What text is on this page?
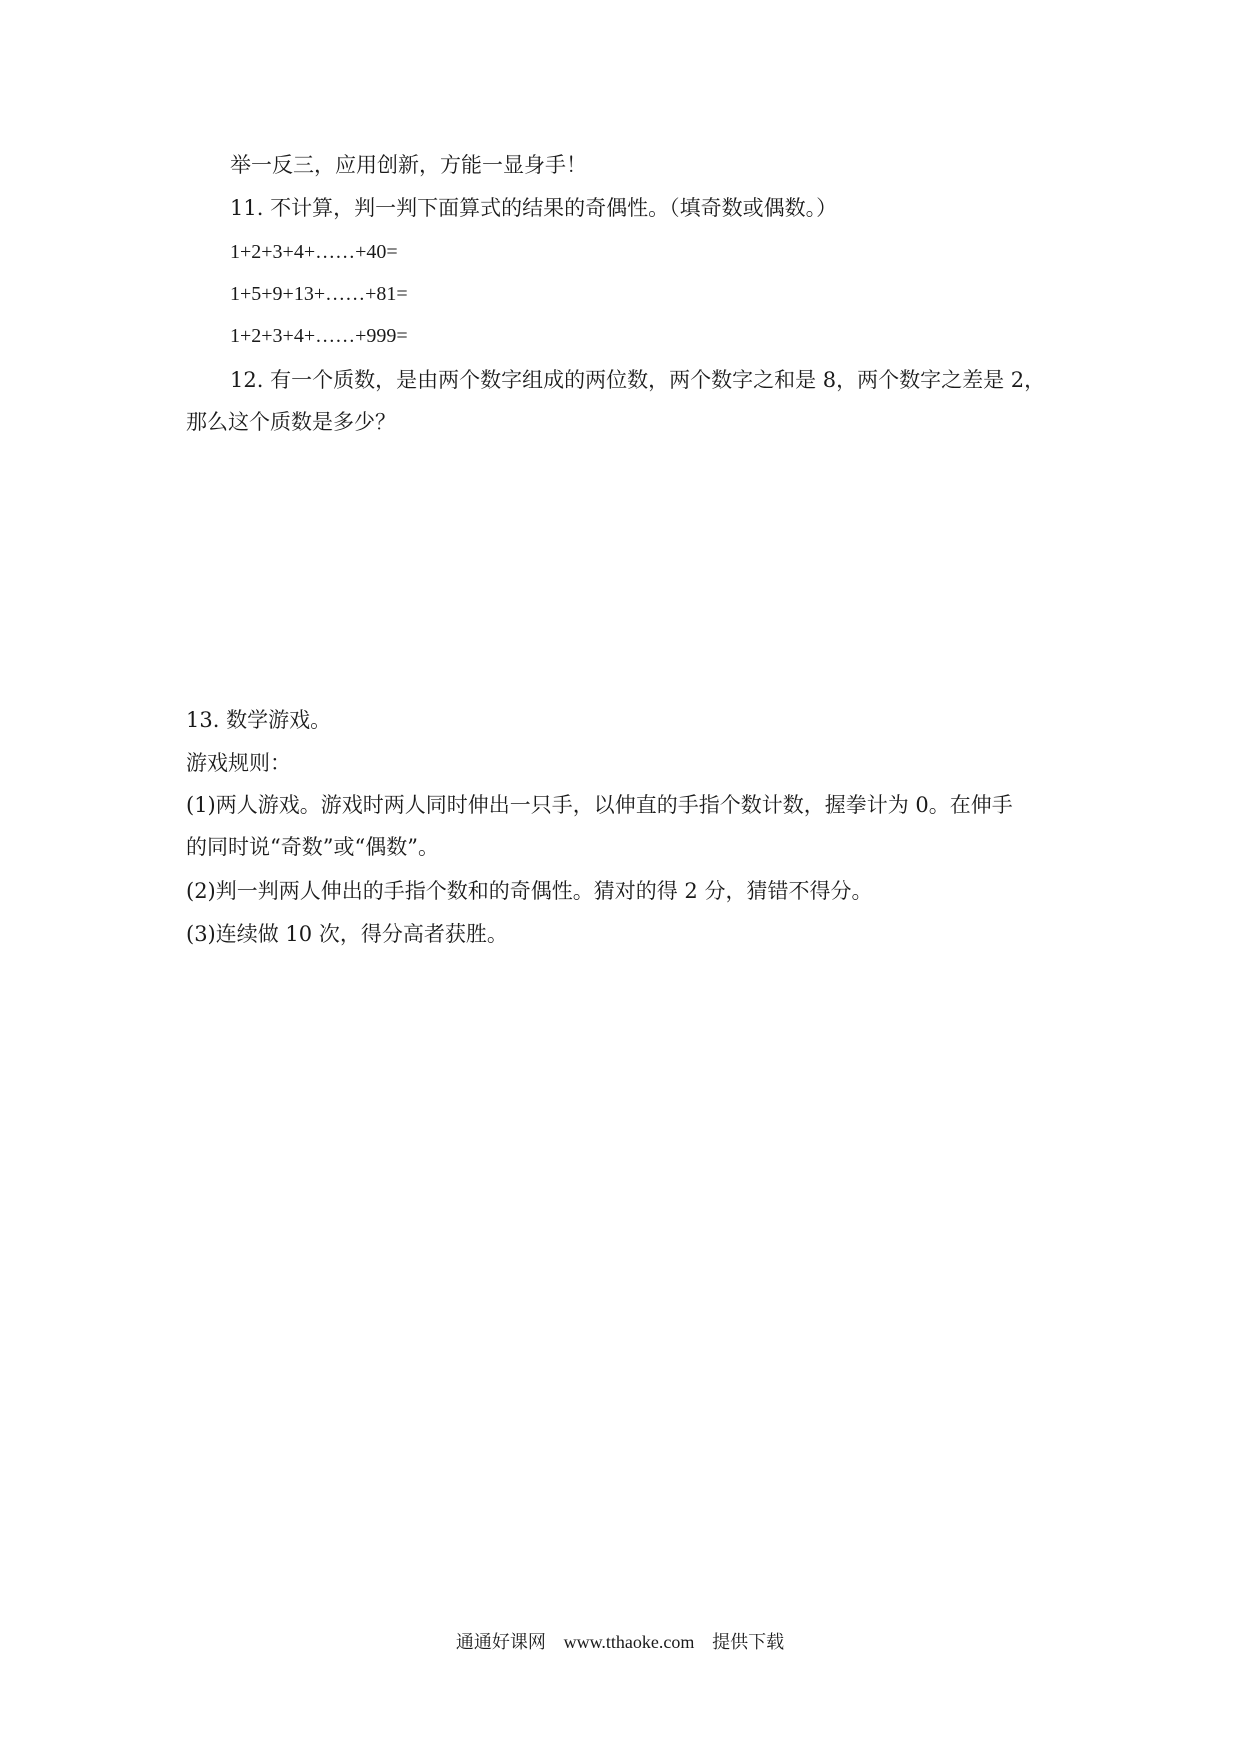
举一反三，应用创新，方能一显身手！
11. 不计算，判一判下面算式的结果的奇偶性。（填奇数或偶数。）
1+2+3+4+……+40=
1+5+9+13+……+81=
1+2+3+4+……+999=
12. 有一个质数，是由两个数字组成的两位数，两个数字之和是 8，两个数字之差是 2，
那么这个质数是多少？
13. 数学游戏。
游戏规则：
(1)两人游戏。游戏时两人同时伸出一只手，以伸直的手指个数计数，握拳计为 0。在伸手
的同时说“奇数”或“偶数”。
(2)判一判两人伸出的手指个数和的奇偶性。猜对的得 2 分，猜错不得分。
(3)连续做 10 次，得分高者获胜。
通通好课网 www.tthaoke.com 提供下载
